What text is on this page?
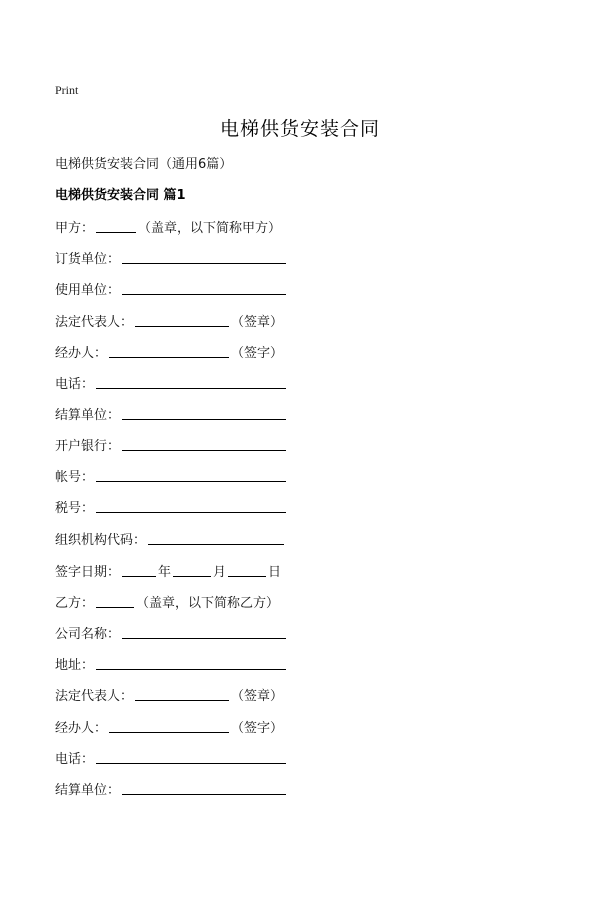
Print
电梯供货安装合同
电梯供货安装合同（通用6篇）
电梯供货安装合同 篇1
甲方：	（盖章，以下简称甲方）
订货单位：
使用单位：
法定代表人：	（签章）
经办人：	（签字）
电话：
结算单位：
开户银行：
帐号：
税号：
组织机构代码：
签字日期：	年	月	日
乙方：	（盖章，以下简称乙方）
公司名称：
地址：
法定代表人：	（签章）
经办人：	（签字）
电话：
结算单位：
